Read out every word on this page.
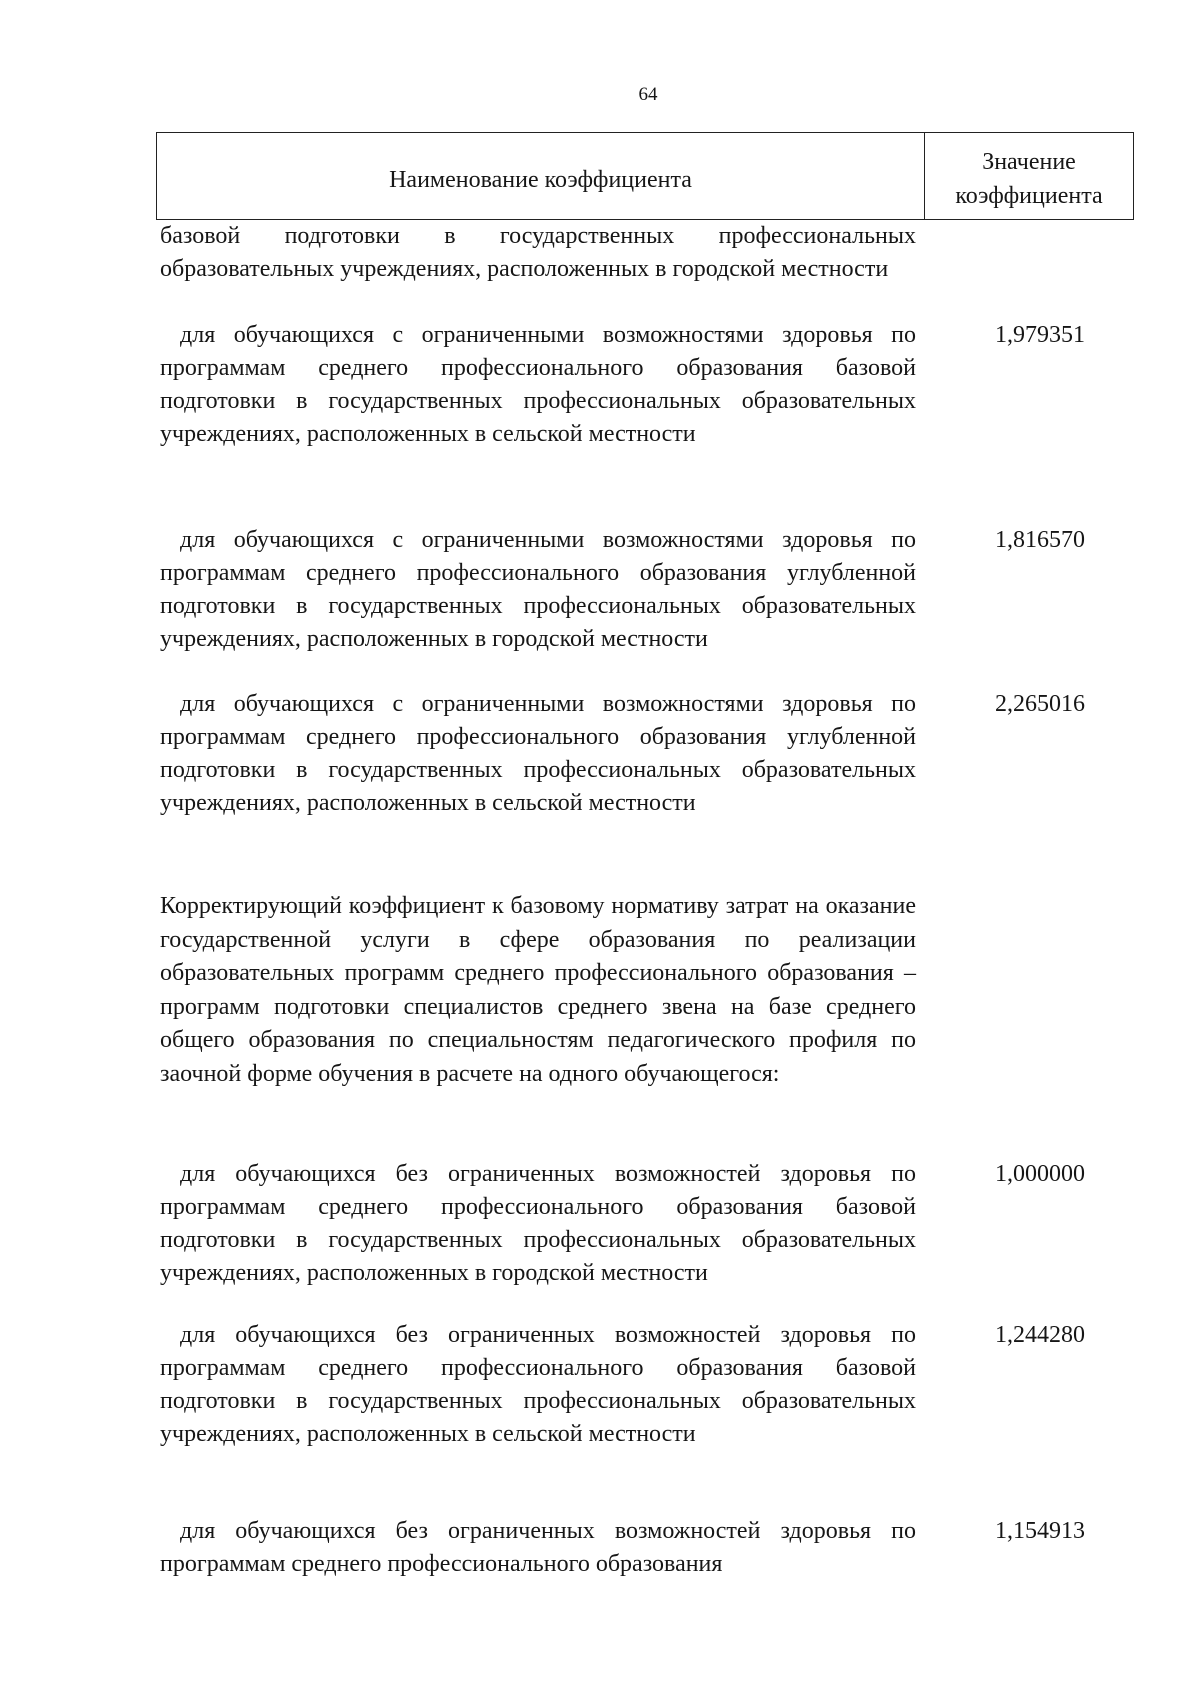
64
Наименование коэффициента
Значение
коэффициента
базовой подготовки в государственных профессиональных образовательных учреждениях, расположенных в городской местности
для обучающихся с ограниченными возможностями здоровья по программам среднего профессионального образования базовой подготовки в государственных профессиональных образовательных учреждениях, расположенных в сельской местности
1,979351
для обучающихся с ограниченными возможностями здоровья по программам среднего профессионального образования углубленной подготовки в государственных профессиональных образовательных учреждениях, расположенных в городской местности
1,816570
для обучающихся с ограниченными возможностями здоровья по программам среднего профессионального образования углубленной подготовки в государственных профессиональных образовательных учреждениях, расположенных в сельской местности
2,265016
Корректирующий коэффициент к базовому нормативу затрат на оказание государственной услуги в сфере образования по реализации образовательных программ среднего профессионального образования – программ подготовки специалистов среднего звена на базе среднего общего образования по специальностям педагогического профиля по заочной форме обучения в расчете на одного обучающегося:
для обучающихся без ограниченных возможностей здоровья по программам среднего профессионального образования базовой подготовки в государственных профессиональных образовательных учреждениях, расположенных в городской местности
1,000000
для обучающихся без ограниченных возможностей здоровья по программам среднего профессионального образования базовой подготовки в государственных профессиональных образовательных учреждениях, расположенных в сельской местности
1,244280
для обучающихся без ограниченных возможностей здоровья по программам среднего профессионального образования
1,154913
